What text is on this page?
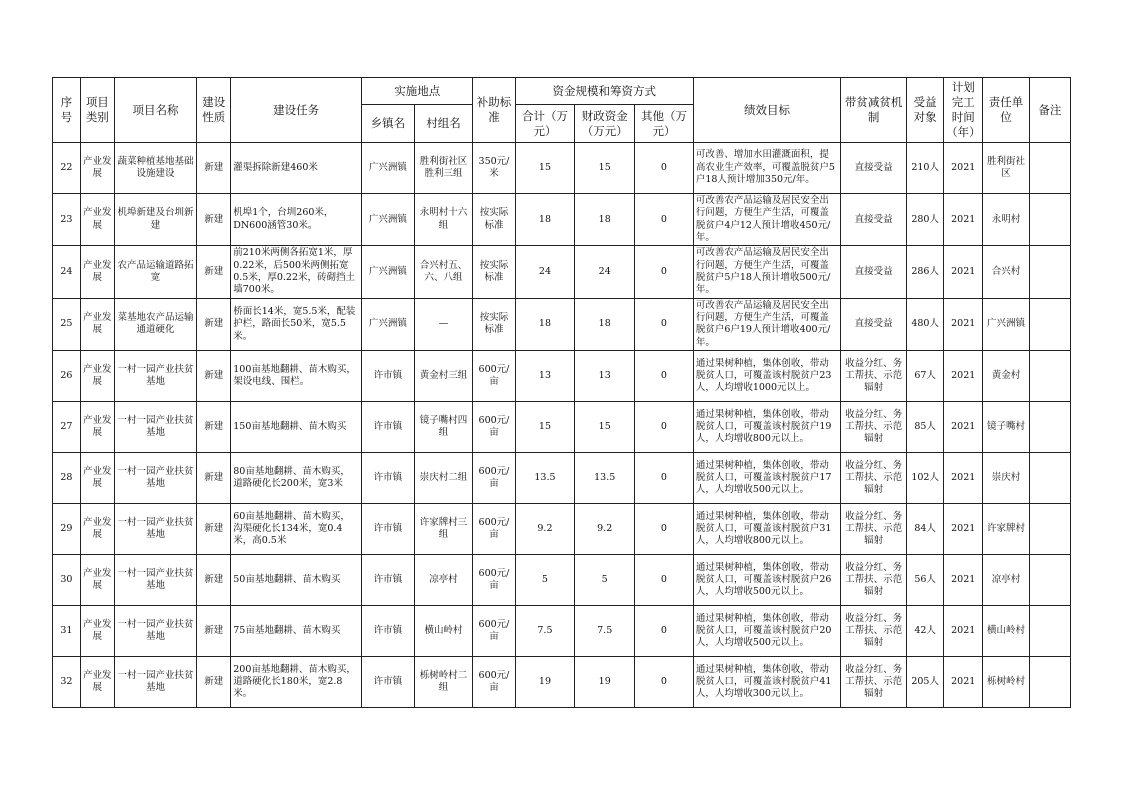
序号	项目类别	项目名称	建设性质	建设任务	实施地点		补助标准	资金规模和筹资方式			绩效目标	带贫减贫机制	受益对象	计划完工时间（年）	责任单位	备注
					乡镇名	村组名		合计（万元）	财政资金（万元）	其他（万元）						
22	产业发展	蔬菜种植基地基础设施建设	新建	灌渠拆除新建460米	广兴洲镇	胜利街社区胜利三组	350元/米	15	15	0	可改善、增加水田灌溉面积，提高农业生产效率，可覆盖脱贫户5户18人预计增加350元/年。	直接受益	210人	2021	胜利街社区	
23	产业发展	机埠新建及台圳新建	新建	机埠1个，台圳260米，DN600涵管30米。	广兴洲镇	永明村十六组	按实际标准	18	18	0	可改善农产品运输及居民安全出行问题，方便生产生活，可覆盖脱贫户4户12人预计增收450元/年。	直接受益	280人	2021	永明村	
24	产业发展	农产品运输道路拓宽	新建	前210米两侧各拓宽1米，厚0.22米，后500米两侧拓宽0.5米，厚0.22米，砖砌挡土墙700米。	广兴洲镇	合兴村五、六、八组	按实际标准	24	24	0	可改善农产品运输及居民安全出行问题，方便生产生活，可覆盖脱贫户5户18人预计增收500元/年。	直接受益	286人	2021	合兴村	
25	产业发展	菜基地农产品运输通道硬化	新建	桥面长14米，宽5.5米，配装护栏，路面长50米，宽5.5米。	广兴洲镇	—	按实际标准	18	18	0	可改善农产品运输及居民安全出行问题，方便生产生活，可覆盖脱贫户6户19人预计增收400元/年。	直接受益	480人	2021	广兴洲镇	
26	产业发展	一村一园产业扶贫基地	新建	100亩基地翻耕、苗木购买，架设电线、围栏。	许市镇	黄金村三组	600元/亩	13	13	0	通过果树种植，集体创收，带动脱贫人口，可覆盖该村脱贫户23人，人均增收1000元以上。	收益分红、务工帮扶、示范辐射	67人	2021	黄金村	
27	产业发展	一村一园产业扶贫基地	新建	150亩基地翻耕、苗木购买	许市镇	镜子嘴村四组	600元/亩	15	15	0	通过果树种植，集体创收，带动脱贫人口，可覆盖该村脱贫户19人，人均增收800元以上。	收益分红、务工帮扶、示范辐射	85人	2021	镜子嘴村	
28	产业发展	一村一园产业扶贫基地	新建	80亩基地翻耕、苗木购买，道路硬化长200米，宽3米	许市镇	崇庆村二组	600元/亩	13.5	13.5	0	通过果树种植，集体创收，带动脱贫人口，可覆盖该村脱贫户17人，人均增收500元以上。	收益分红、务工帮扶、示范辐射	102人	2021	崇庆村	
29	产业发展	一村一园产业扶贫基地	新建	60亩基地翻耕、苗木购买，沟渠硬化长134米，宽0.4米，高0.5米	许市镇	许家牌村三组	600元/亩	9.2	9.2	0	通过果树种植，集体创收，带动脱贫人口，可覆盖该村脱贫户31人，人均增收800元以上。	收益分红、务工帮扶、示范辐射	84人	2021	许家牌村	
30	产业发展	一村一园产业扶贫基地	新建	50亩基地翻耕、苗木购买	许市镇	凉亭村	600元/亩	5	5	0	通过果树种植，集体创收，带动脱贫人口，可覆盖该村脱贫户26人，人均增收500元以上。	收益分红、务工帮扶、示范辐射	56人	2021	凉亭村	
31	产业发展	一村一园产业扶贫基地	新建	75亩基地翻耕、苗木购买	许市镇	横山岭村	600元/亩	7.5	7.5	0	通过果树种植，集体创收，带动脱贫人口，可覆盖该村脱贫户20人，人均增收500元以上。	收益分红、务工帮扶、示范辐射	42人	2021	横山岭村	
32	产业发展	一村一园产业扶贫基地	新建	200亩基地翻耕、苗木购买，道路硬化长180米，宽2.8米。	许市镇	栎树岭村二组	600元/亩	19	19	0	通过果树种植，集体创收，带动脱贫人口，可覆盖该村脱贫户41人，人均增收300元以上。	收益分红、务工帮扶、示范辐射	205人	2021	栎树岭村	
